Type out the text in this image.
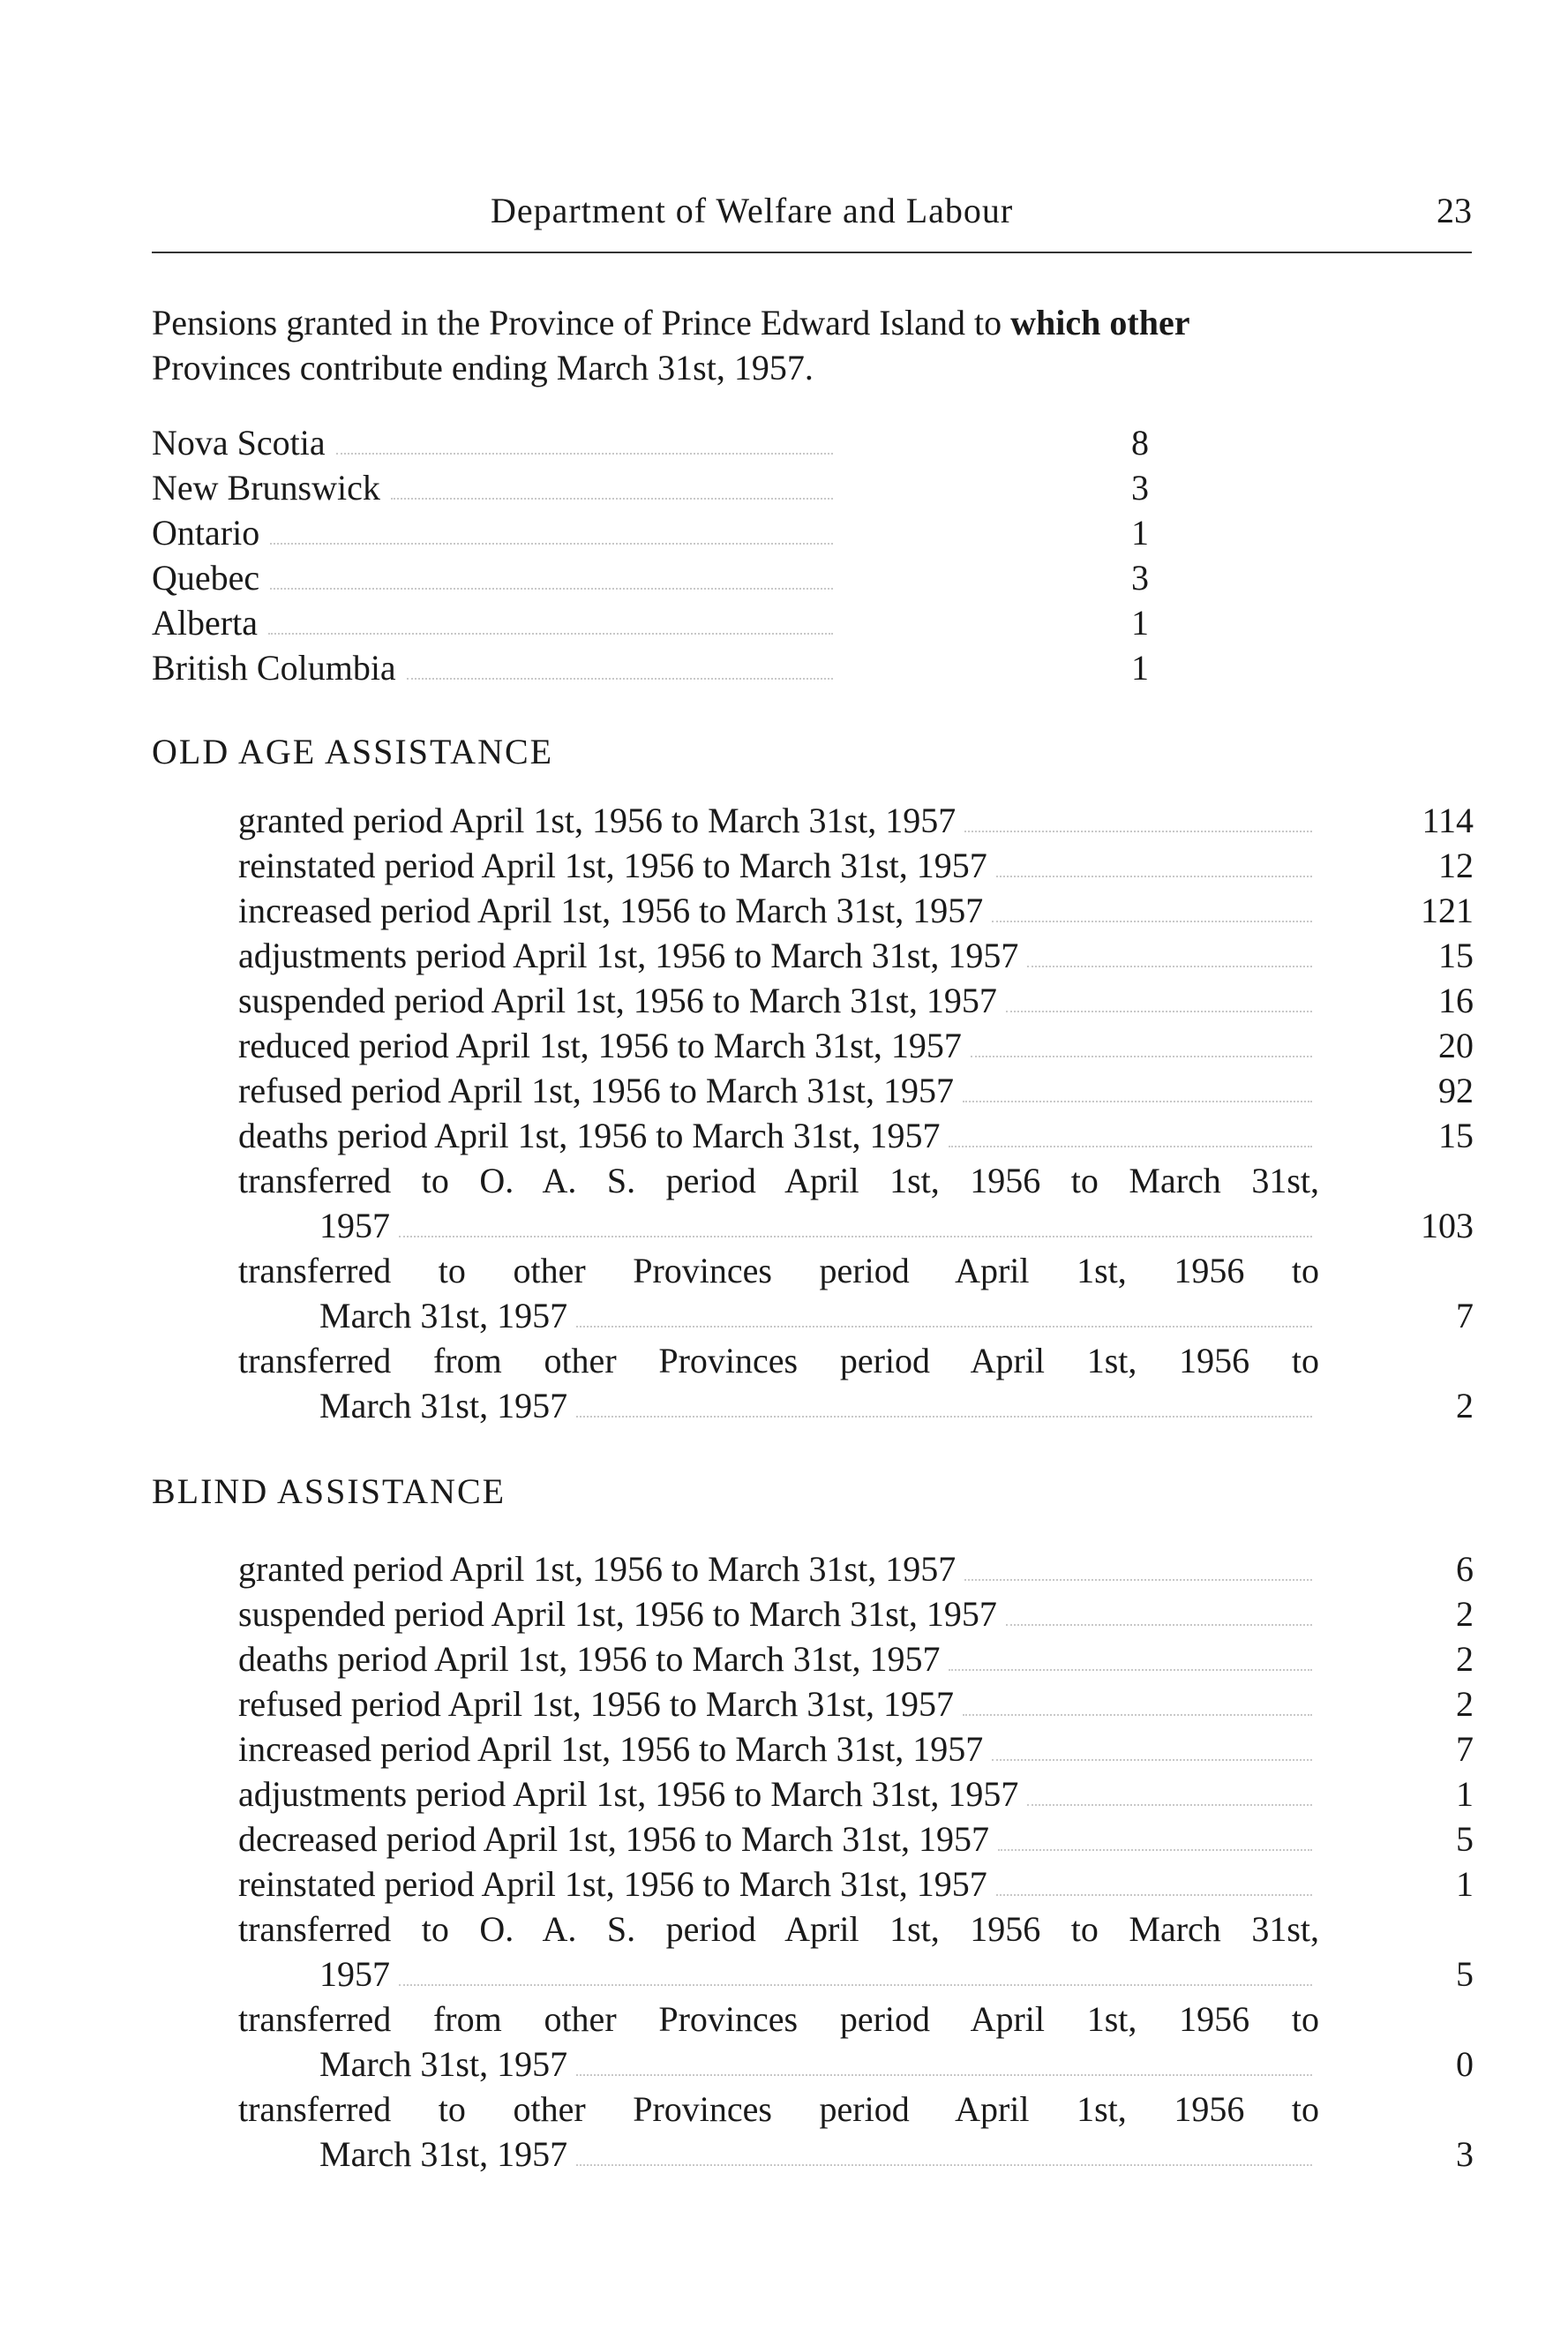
Department of Welfare and Labour	23

Pensions granted in the Province of Prince Edward Island to which other

Provinces contribute ending March 31st, 1957.

Nova Scotia	8
New Brunswick	3
Ontario	1
Quebec	3
Alberta	1
British Columbia	1
OLD AGE ASSISTANCE
granted period April 1st, 1956 to March 31st, 1957	114
reinstated period April 1st, 1956 to March 31st, 1957	12
increased period April 1st, 1956 to March 31st, 1957	121
adjustments period April 1st, 1956 to March 31st, 1957	15
suspended period April 1st, 1956 to March 31st, 1957	16
reduced period April 1st, 1956 to March 31st, 1957	20
refused period April 1st, 1956 to March 31st, 1957	92
deaths period April 1st, 1956 to March 31st, 1957	15
transferred to O. A. S. period April 1st, 1956 to March 31st,
1957	103
transferred to other Provinces period April 1st, 1956 to
March 31st, 1957	7
transferred from other Provinces period April 1st, 1956 to
March 31st, 1957	2
BLIND ASSISTANCE
granted period April 1st, 1956 to March 31st, 1957	6
suspended period April 1st, 1956 to March 31st, 1957	2
deaths period April 1st, 1956 to March 31st, 1957	2
refused period April 1st, 1956 to March 31st, 1957	2
increased period April 1st, 1956 to March 31st, 1957	7
adjustments period April 1st, 1956 to March 31st, 1957	1
decreased period April 1st, 1956 to March 31st, 1957	5
reinstated period April 1st, 1956 to March 31st, 1957	1
transferred to O. A. S. period April 1st, 1956 to March 31st,
1957	5
transferred from other Provinces period April 1st, 1956 to
March 31st, 1957	0
transferred to other Provinces period April 1st, 1956 to
March 31st, 1957	3
